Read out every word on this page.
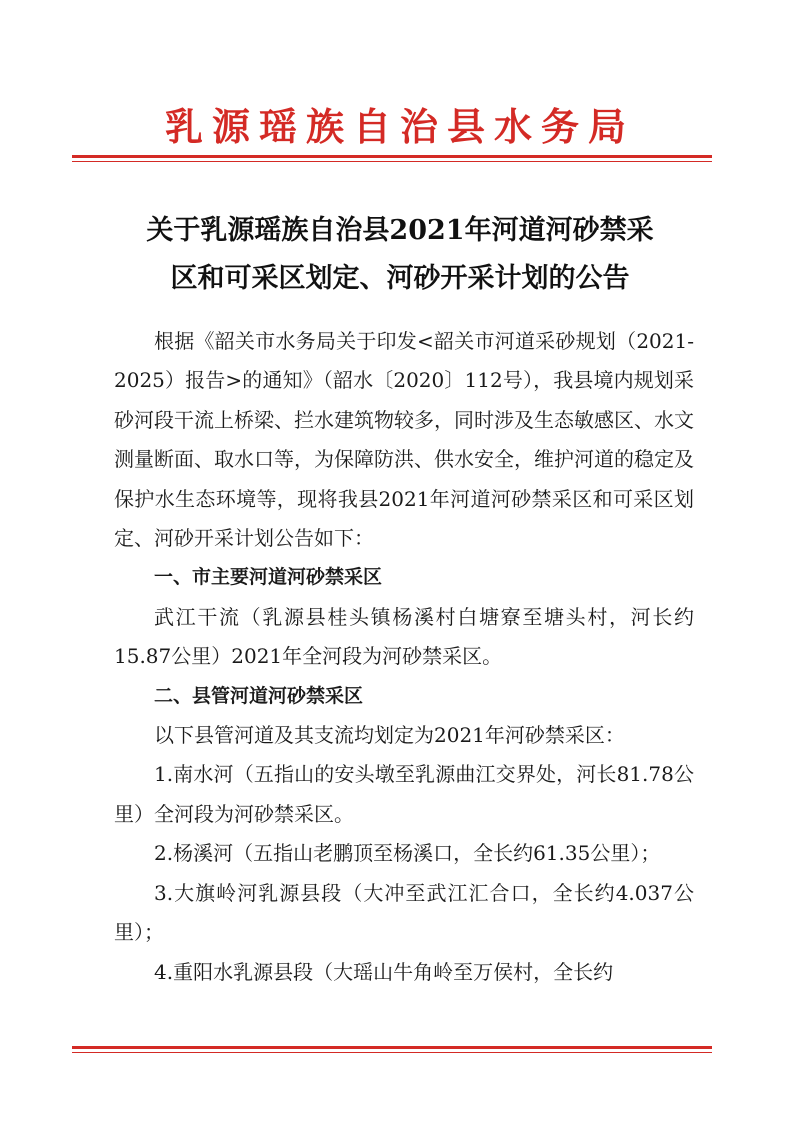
乳源瑶族自治县水务局
关于乳源瑶族自治县2021年河道河砂禁采
区和可采区划定、河砂开采计划的公告

根据《韶关市水务局关于印发<韶关市河道采砂规划（2021-2025）报告>的通知》（韶水〔2020〕112号），我县境内规划采砂河段干流上桥梁、拦水建筑物较多，同时涉及生态敏感区、水文测量断面、取水口等，为保障防洪、供水安全，维护河道的稳定及保护水生态环境等，现将我县2021年河道河砂禁采区和可采区划定、河砂开采计划公告如下：

一、市主要河道河砂禁采区

武江干流（乳源县桂头镇杨溪村白塘寮至塘头村，河长约15.87公里）2021年全河段为河砂禁采区。

二、县管河道河砂禁采区

以下县管河道及其支流均划定为2021年河砂禁采区：

1.南水河（五指山的安头墩至乳源曲江交界处，河长81.78公里）全河段为河砂禁采区。

2.杨溪河（五指山老鹏顶至杨溪口，全长约61.35公里）；

3.大旗岭河乳源县段（大冲至武江汇合口，全长约4.037公里）；

4.重阳水乳源县段（大瑶山牛角岭至万侯村，全长约
